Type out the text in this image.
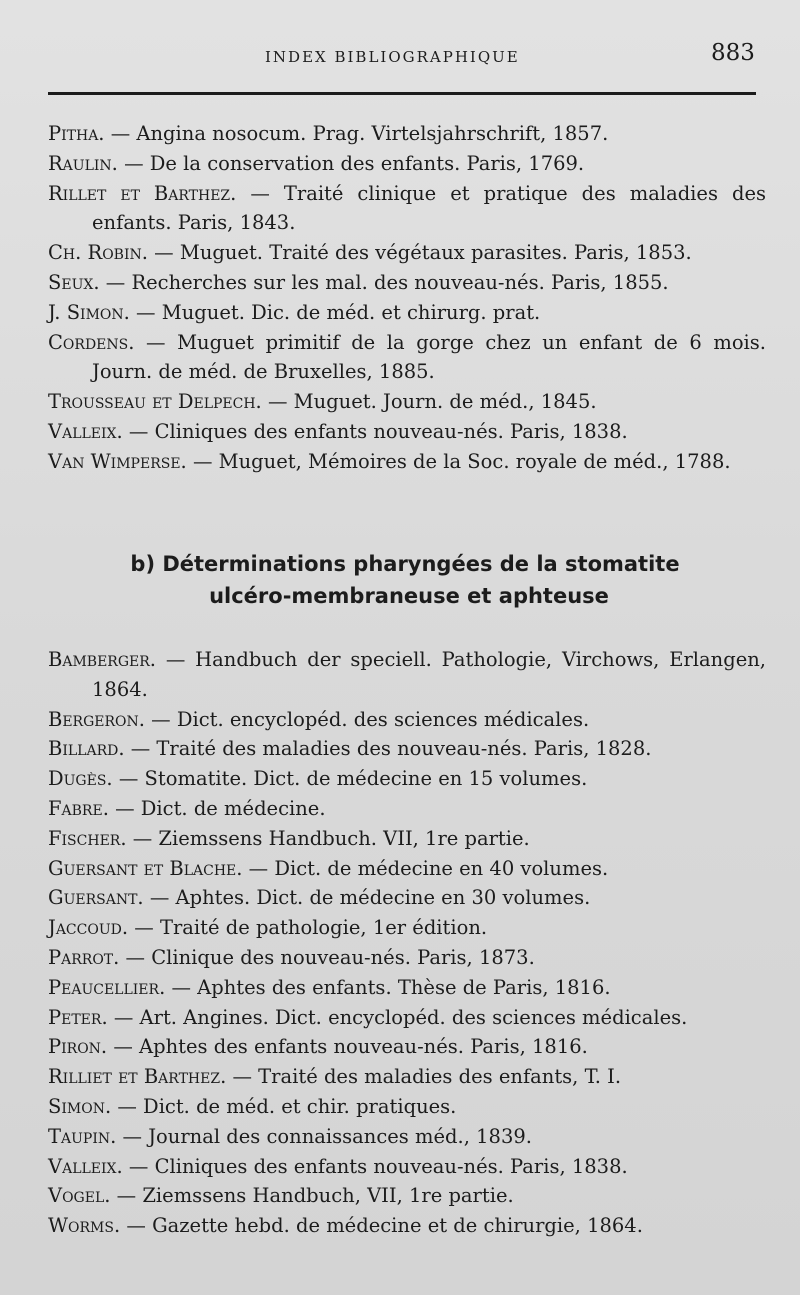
INDEX BIBLIOGRAPHIQUE	883
Pitha. — Angina nosocum. Prag. Virtelsjahrschrift, 1857.
Raulin. — De la conservation des enfants. Paris, 1769.
Rillet et Barthez. — Traité clinique et pratique des maladies des enfants. Paris, 1843.
Ch. Robin. — Muguet. Traité des végétaux parasites. Paris, 1853.
Seux. — Recherches sur les mal. des nouveau-nés. Paris, 1855.
J. Simon. — Muguet. Dic. de méd. et chirurg. prat.
Cordens. — Muguet primitif de la gorge chez un enfant de 6 mois. Journ. de méd. de Bruxelles, 1885.
Trousseau et Delpech. — Muguet. Journ. de méd., 1845.
Valleix. — Cliniques des enfants nouveau-nés. Paris, 1838.
Van Wimperse. — Muguet, Mémoires de la Soc. royale de méd., 1788.
b) Déterminations pharyngées de la stomatite
ulcéro-membraneuse et aphteuse
Bamberger. — Handbuch der speciell. Pathologie, Virchows, Erlangen, 1864.
Bergeron. — Dict. encyclopéd. des sciences médicales.
Billard. — Traité des maladies des nouveau-nés. Paris, 1828.
Dugès. — Stomatite. Dict. de médecine en 15 volumes.
Fabre. — Dict. de médecine.
Fischer. — Ziemssens Handbuch. VII, 1re partie.
Guersant et Blache. — Dict. de médecine en 40 volumes.
Guersant. — Aphtes. Dict. de médecine en 30 volumes.
Jaccoud. — Traité de pathologie, 1er édition.
Parrot. — Clinique des nouveau-nés. Paris, 1873.
Peaucellier. — Aphtes des enfants. Thèse de Paris, 1816.
Peter. — Art. Angines. Dict. encyclopéd. des sciences médicales.
Piron. — Aphtes des enfants nouveau-nés. Paris, 1816.
Rilliet et Barthez. — Traité des maladies des enfants, T. I.
Simon. — Dict. de méd. et chir. pratiques.
Taupin. — Journal des connaissances méd., 1839.
Valleix. — Cliniques des enfants nouveau-nés. Paris, 1838.
Vogel. — Ziemssens Handbuch, VII, 1re partie.
Worms. — Gazette hebd. de médecine et de chirurgie, 1864.
